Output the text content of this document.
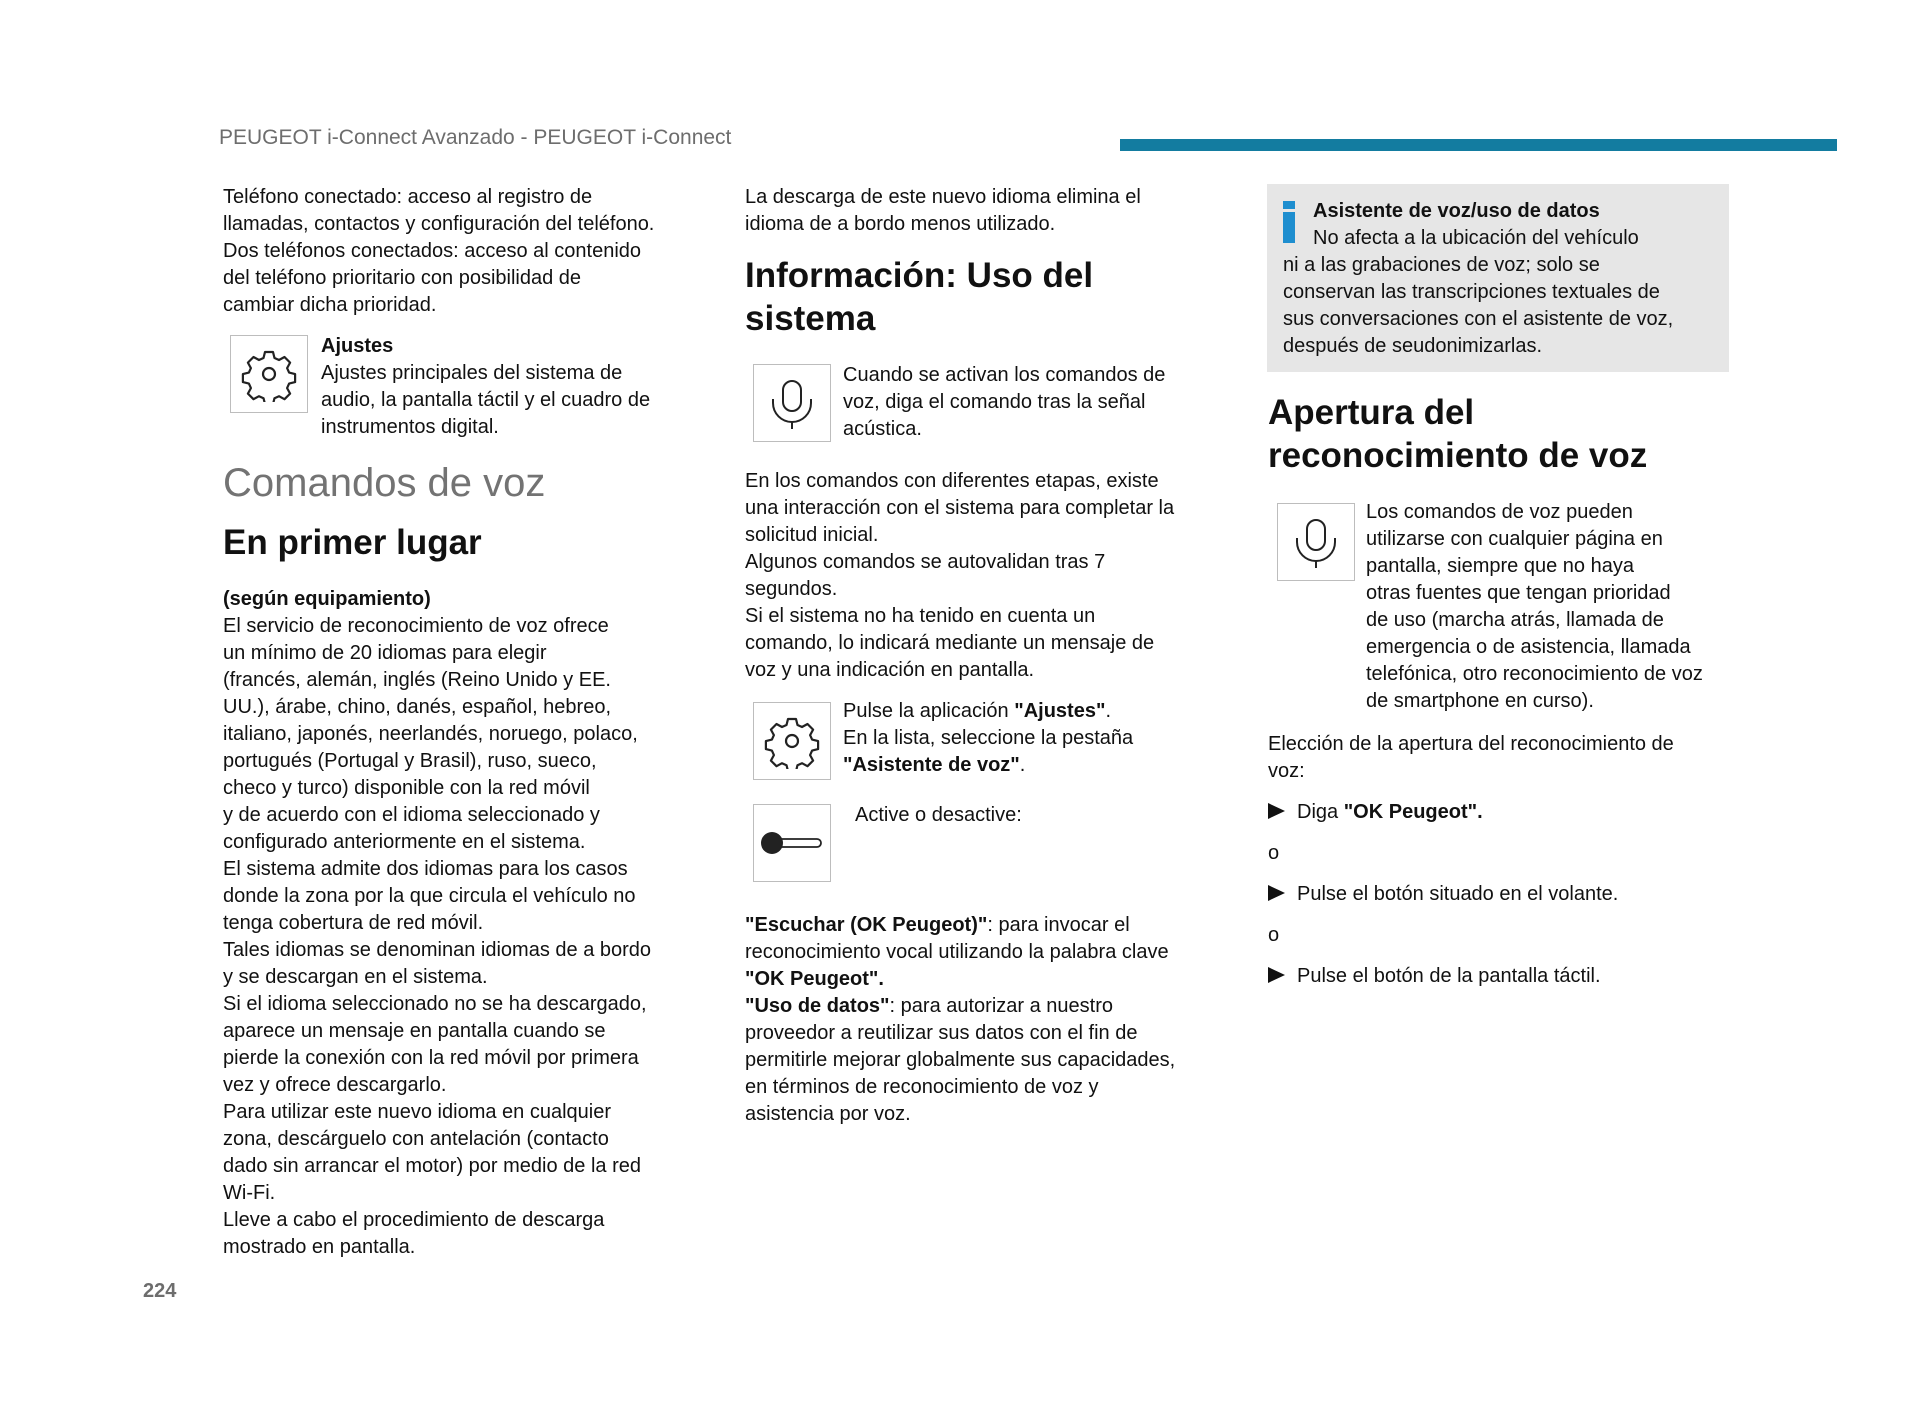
PEUGEOT i-Connect Avanzado - PEUGEOT i-Connect

Teléfono conectado: acceso al registro de

llamadas, contactos y configuración del teléfono.

Dos teléfonos conectados: acceso al contenido

del teléfono prioritario con posibilidad de

cambiar dicha prioridad.

Ajustes

Ajustes principales del sistema de

audio, la pantalla táctil y el cuadro de

instrumentos digital.

Comandos de voz
En primer lugar

(según equipamiento)

El servicio de reconocimiento de voz ofrece

un mínimo de 20 idiomas para elegir

(francés, alemán, inglés (Reino Unido y EE.

UU.), árabe, chino, danés, español, hebreo,

italiano, japonés, neerlandés, noruego, polaco,

portugués (Portugal y Brasil), ruso, sueco,

checo y turco) disponible con la red móvil

y de acuerdo con el idioma seleccionado y

configurado anteriormente en el sistema.

El sistema admite dos idiomas para los casos

donde la zona por la que circula el vehículo no

tenga cobertura de red móvil.

Tales idiomas se denominan idiomas de a bordo

y se descargan en el sistema.

Si el idioma seleccionado no se ha descargado,

aparece un mensaje en pantalla cuando se

pierde la conexión con la red móvil por primera

vez y ofrece descargarlo.

Para utilizar este nuevo idioma en cualquier

zona, descárguelo con antelación (contacto

dado sin arrancar el motor) por medio de la red

Wi-Fi.

Lleve a cabo el procedimiento de descarga

mostrado en pantalla.

La descarga de este nuevo idioma elimina el

idioma de a bordo menos utilizado.

Información: Uso del
sistema

Cuando se activan los comandos de

voz, diga el comando tras la señal

acústica.

En los comandos con diferentes etapas, existe

una interacción con el sistema para completar la

solicitud inicial.

Algunos comandos se autovalidan tras 7

segundos.

Si el sistema no ha tenido en cuenta un

comando, lo indicará mediante un mensaje de

voz y una indicación en pantalla.

Pulse la aplicación "Ajustes".

En la lista, seleccione la pestaña

"Asistente de voz".

Active o desactive:

"Escuchar (OK Peugeot)": para invocar el

reconocimiento vocal utilizando la palabra clave

"OK Peugeot".

"Uso de datos": para autorizar a nuestro

proveedor a reutilizar sus datos con el fin de

permitirle mejorar globalmente sus capacidades,

en términos de reconocimiento de voz y

asistencia por voz.

Asistente de voz/uso de datos

No afecta a la ubicación del vehículo

ni a las grabaciones de voz; solo se

conservan las transcripciones textuales de

sus conversaciones con el asistente de voz,

después de seudonimizarlas.

Apertura del
reconocimiento de voz

Los comandos de voz pueden

utilizarse con cualquier página en

pantalla, siempre que no haya

otras fuentes que tengan prioridad

de uso (marcha atrás, llamada de

emergencia o de asistencia, llamada

telefónica, otro reconocimiento de voz

de smartphone en curso).

Elección de la apertura del reconocimiento de

voz:

Diga "OK Peugeot".

o

Pulse el botón situado en el volante.

o

Pulse el botón de la pantalla táctil.

224
